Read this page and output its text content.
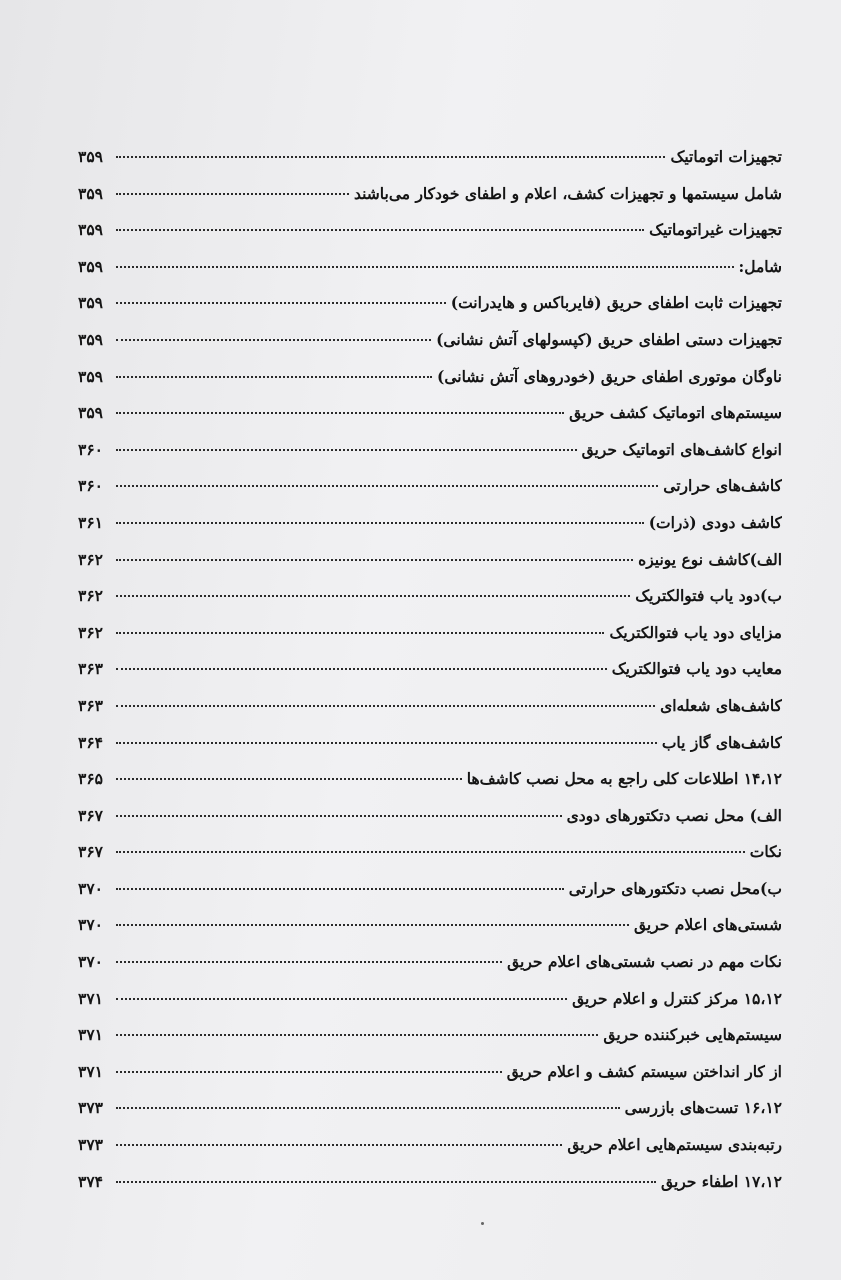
تجهیزات اتوماتیک
۳۵۹
شامل سیستمها و تجهیزات کشف، اعلام و اطفای خودکار می‌باشند
۳۵۹
تجهیزات غیراتوماتیک
۳۵۹
شامل:
۳۵۹
تجهیزات ثابت اطفای حریق (فایرباکس و هایدرانت)
۳۵۹
تجهیزات دستی اطفای حریق (کپسولهای آتش نشانی)
۳۵۹
ناوگان موتوری اطفای حریق (خودروهای آتش نشانی)
۳۵۹
سیستم‌های اتوماتیک کشف حریق
۳۵۹
انواع کاشف‌های اتوماتیک حریق
۳۶۰
کاشف‌های حرارتی
۳۶۰
کاشف دودی (ذرات)
۳۶۱
الف)کاشف نوع یونیزه
۳۶۲
ب)دود یاب فتوالکتریک
۳۶۲
مزایای دود یاب فتوالکتریک
۳۶۲
معایب دود یاب فتوالکتریک
۳۶۳
کاشف‌های شعله‌ای
۳۶۳
کاشف‌های گاز یاب
۳۶۴
۱۴،۱۲ اطلاعات کلی راجع به محل نصب کاشف‌ها
۳۶۵
الف) محل نصب دتکتورهای دودی
۳۶۷
نکات
۳۶۷
ب)محل نصب دتکتورهای حرارتی
۳۷۰
شستی‌های اعلام حریق
۳۷۰
نکات مهم در نصب شستی‌های اعلام حریق
۳۷۰
۱۵،۱۲ مرکز کنترل و اعلام حریق
۳۷۱
سیستم‌هایی خبرکننده حریق
۳۷۱
از کار انداختن سیستم کشف و اعلام حریق
۳۷۱
۱۶،۱۲ تست‌های بازرسی
۳۷۳
رتبه‌بندی سیستم‌هایی اعلام حریق
۳۷۳
۱۷،۱۲ اطفاء حریق
۳۷۴
